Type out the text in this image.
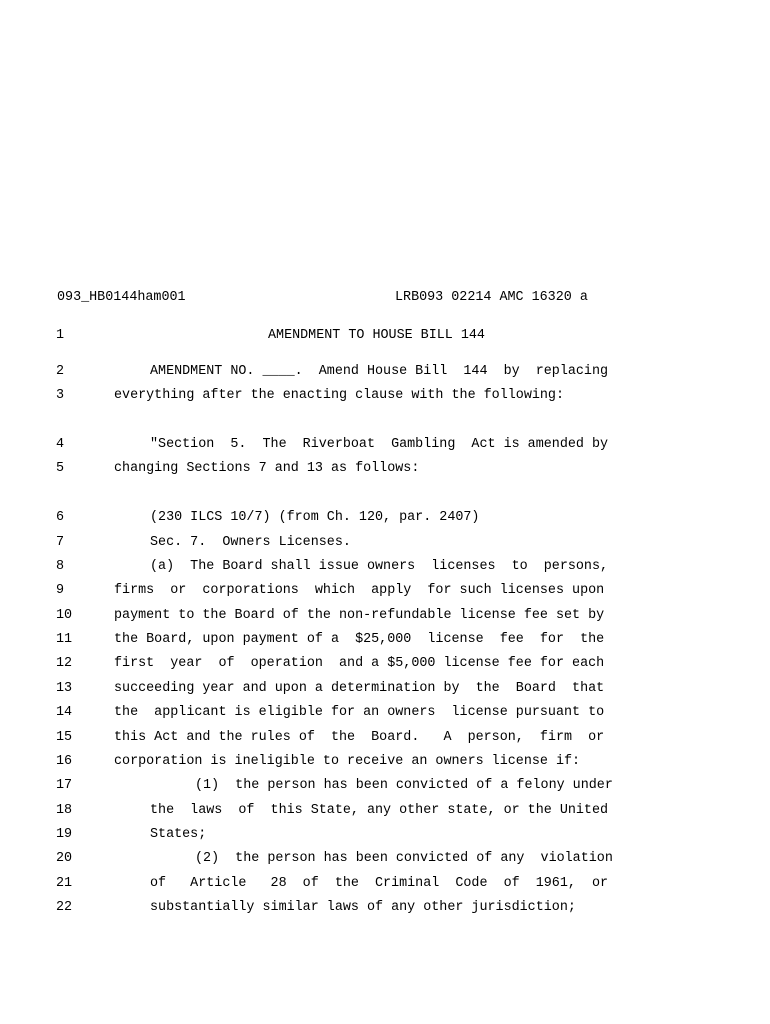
093_HB0144ham001	LRB093 02214 AMC 16320 a
1	AMENDMENT TO HOUSE BILL 144
2	AMENDMENT NO. ____.  Amend House Bill  144  by  replacing
3	everything after the enacting clause with the following:
4	"Section  5.  The  Riverboat  Gambling  Act is amended by
5	changing Sections 7 and 13 as follows:
6	(230 ILCS 10/7) (from Ch. 120, par. 2407)
7	Sec. 7.  Owners Licenses.
8	(a)  The Board shall issue owners  licenses  to  persons,
9	firms  or  corporations  which  apply  for such licenses upon
10	payment to the Board of the non-refundable license fee set by
11	the Board, upon payment of a  $25,000  license  fee  for  the
12	first  year  of  operation  and a $5,000 license fee for each
13	succeeding year and upon a determination by  the  Board  that
14	the  applicant is eligible for an owners  license pursuant to
15	this Act and the rules of  the  Board.   A  person,  firm  or
16	corporation is ineligible to receive an owners license if:
17	(1)  the person has been convicted of a felony under
18	the  laws  of  this State, any other state, or the United
19	States;
20	(2)  the person has been convicted of any  violation
21	of   Article   28  of  the  Criminal  Code  of  1961,  or
22	substantially similar laws of any other jurisdiction;
